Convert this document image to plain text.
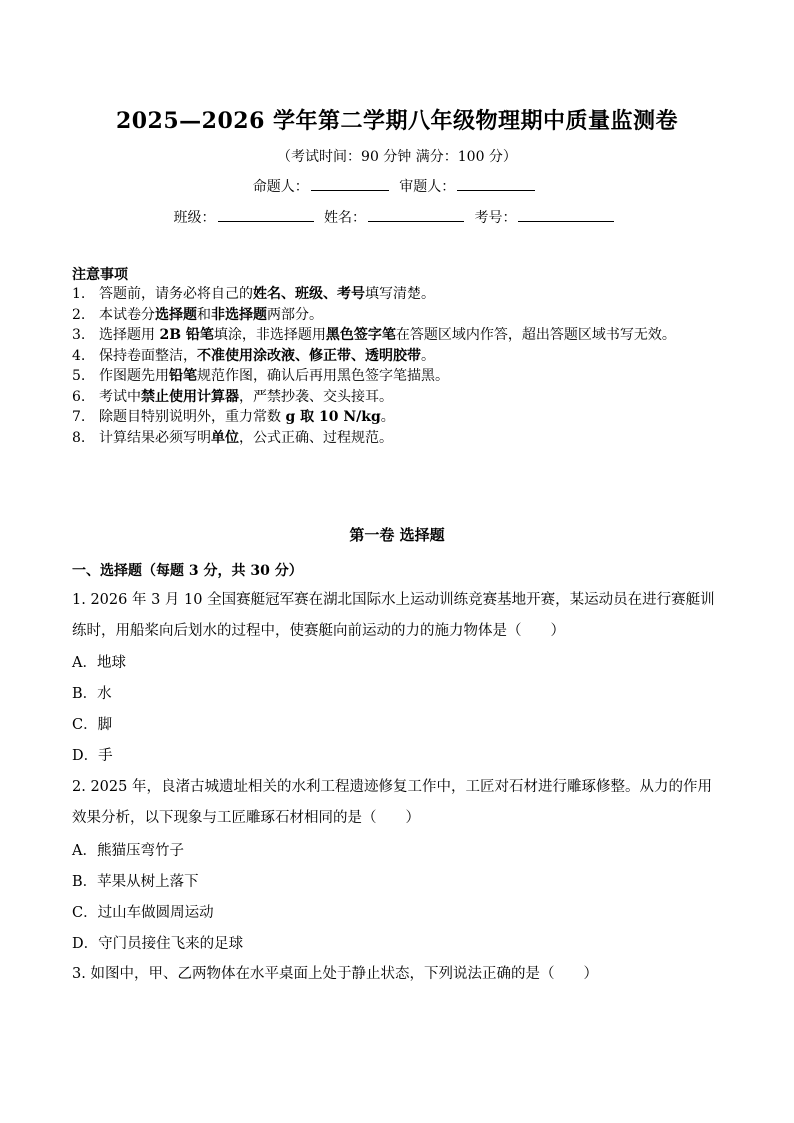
2025—2026 学年第二学期八年级物理期中质量监测卷
（考试时间：90 分钟 满分：100 分）
命题人：	审题人：
班级：	姓名：	考号：
注意事项
1. 答题前，请务必将自己的姓名、班级、考号填写清楚。
2. 本试卷分选择题和非选择题两部分。
3. 选择题用 2B 铅笔填涂，非选择题用黑色签字笔在答题区域内作答，超出答题区域书写无效。
4. 保持卷面整洁，不准使用涂改液、修正带、透明胶带。
5. 作图题先用铅笔规范作图，确认后再用黑色签字笔描黑。
6. 考试中禁止使用计算器，严禁抄袭、交头接耳。
7. 除题目特别说明外，重力常数 g 取 10 N/kg。
8. 计算结果必须写明单位，公式正确、过程规范。
第一卷 选择题
一、选择题（每题 3 分，共 30 分）
1. 2026 年 3 月 10 全国赛艇冠军赛在湖北国际水上运动训练竞赛基地开赛，某运动员在进行赛艇训练时，用船桨向后划水的过程中，使赛艇向前运动的力的施力物体是（　　）
A．地球
B．水
C．脚
D．手
2. 2025 年，良渚古城遗址相关的水利工程遗迹修复工作中，工匠对石材进行雕琢修整。从力的作用效果分析，以下现象与工匠雕琢石材相同的是（　　）
A．熊猫压弯竹子
B．苹果从树上落下
C．过山车做圆周运动
D．守门员接住飞来的足球
3. 如图中，甲、乙两物体在水平桌面上处于静止状态，下列说法正确的是（　　）
